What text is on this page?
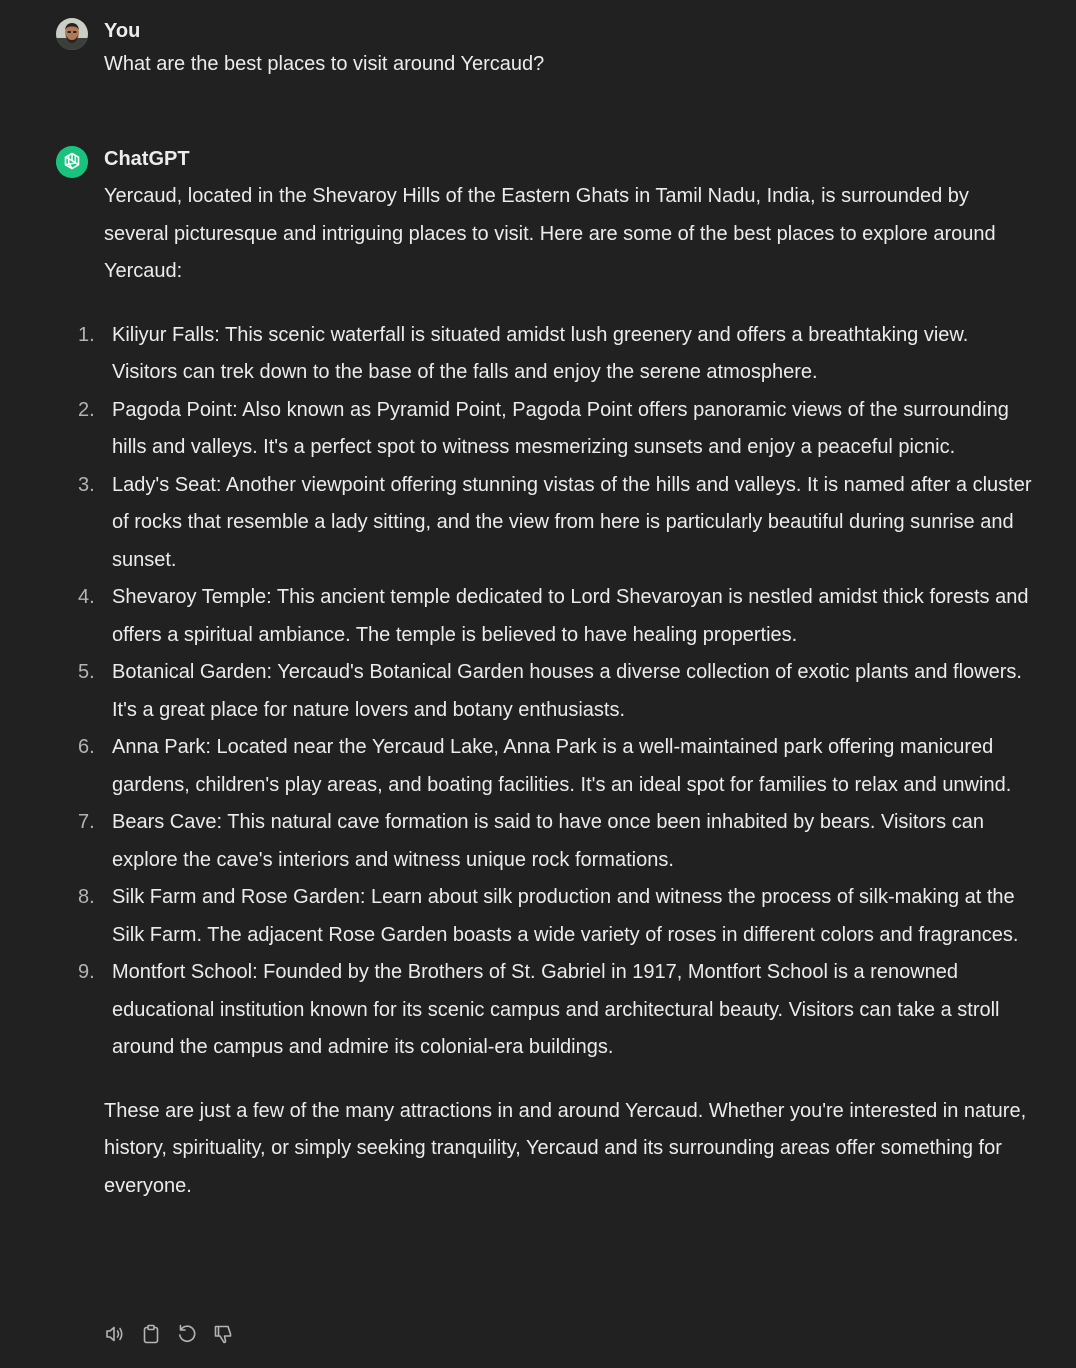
You
What are the best places to visit around Yercaud?
ChatGPT

Yercaud, located in the Shevaroy Hills of the Eastern Ghats in Tamil Nadu, India, is surrounded by several picturesque and intriguing places to visit. Here are some of the best places to explore around Yercaud:

1. Kiliyur Falls: This scenic waterfall is situated amidst lush greenery and offers a breathtaking view. Visitors can trek down to the base of the falls and enjoy the serene atmosphere.
2. Pagoda Point: Also known as Pyramid Point, Pagoda Point offers panoramic views of the surrounding hills and valleys. It's a perfect spot to witness mesmerizing sunsets and enjoy a peaceful picnic.
3. Lady's Seat: Another viewpoint offering stunning vistas of the hills and valleys. It is named after a cluster of rocks that resemble a lady sitting, and the view from here is particularly beautiful during sunrise and sunset.
4. Shevaroy Temple: This ancient temple dedicated to Lord Shevaroyan is nestled amidst thick forests and offers a spiritual ambiance. The temple is believed to have healing properties.
5. Botanical Garden: Yercaud's Botanical Garden houses a diverse collection of exotic plants and flowers. It's a great place for nature lovers and botany enthusiasts.
6. Anna Park: Located near the Yercaud Lake, Anna Park is a well-maintained park offering manicured gardens, children's play areas, and boating facilities. It's an ideal spot for families to relax and unwind.
7. Bears Cave: This natural cave formation is said to have once been inhabited by bears. Visitors can explore the cave's interiors and witness unique rock formations.
8. Silk Farm and Rose Garden: Learn about silk production and witness the process of silk-making at the Silk Farm. The adjacent Rose Garden boasts a wide variety of roses in different colors and fragrances.
9. Montfort School: Founded by the Brothers of St. Gabriel in 1917, Montfort School is a renowned educational institution known for its scenic campus and architectural beauty. Visitors can take a stroll around the campus and admire its colonial-era buildings.

These are just a few of the many attractions in and around Yercaud. Whether you're interested in nature, history, spirituality, or simply seeking tranquility, Yercaud and its surrounding areas offer something for everyone.
